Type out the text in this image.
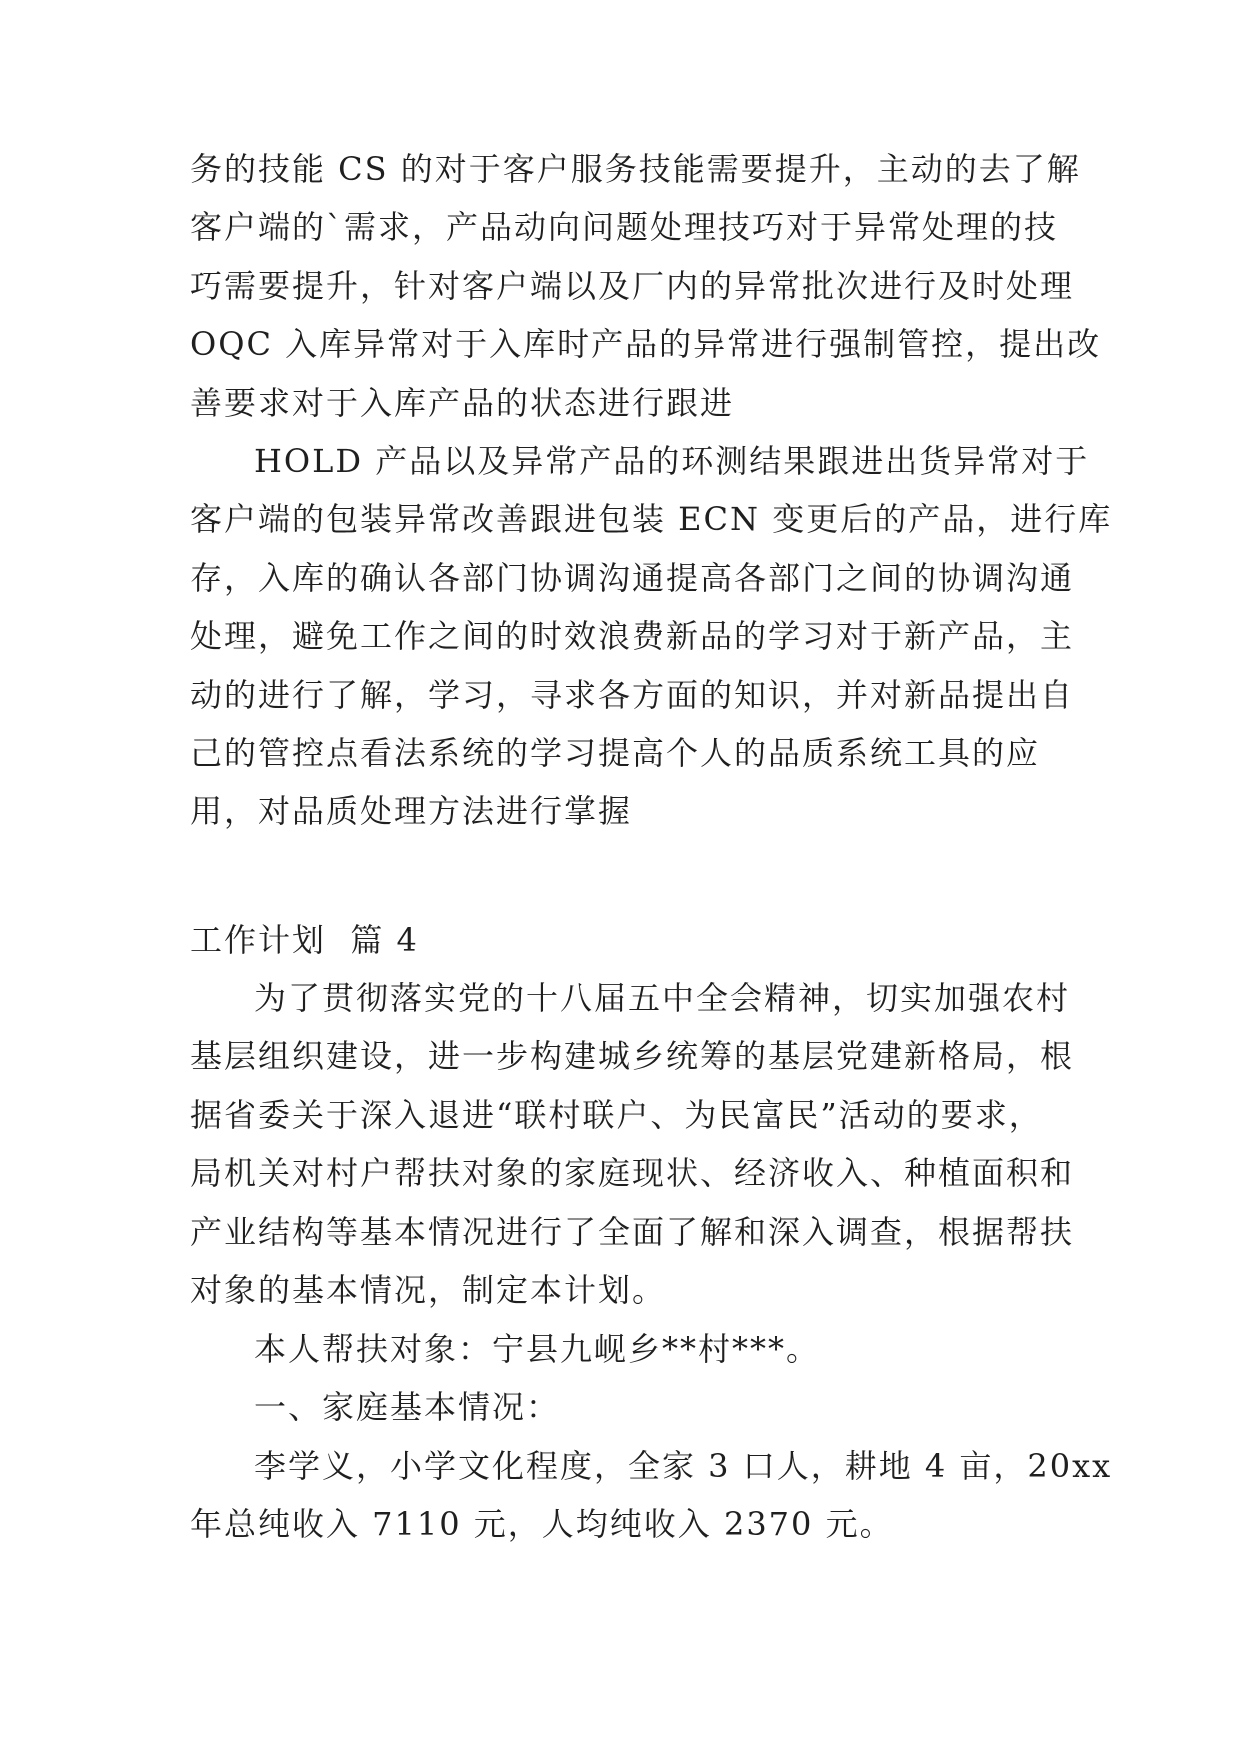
务的技能 CS 的对于客户服务技能需要提升，主动的去了解
客户端的`需求，产品动向问题处理技巧对于异常处理的技
巧需要提升，针对客户端以及厂内的异常批次进行及时处理
OQC 入库异常对于入库时产品的异常进行强制管控，提出改
善要求对于入库产品的状态进行跟进
HOLD 产品以及异常产品的环测结果跟进出货异常对于
客户端的包装异常改善跟进包装 ECN 变更后的产品，进行库
存，入库的确认各部门协调沟通提高各部门之间的协调沟通
处理，避免工作之间的时效浪费新品的学习对于新产品，主
动的进行了解，学习，寻求各方面的知识，并对新品提出自
己的管控点看法系统的学习提高个人的品质系统工具的应
用，对品质处理方法进行掌握
工作计划  篇 4
为了贯彻落实党的十八届五中全会精神，切实加强农村
基层组织建设，进一步构建城乡统筹的基层党建新格局，根
据省委关于深入退进“联村联户、为民富民”活动的要求，
局机关对村户帮扶对象的家庭现状、经济收入、种植面积和
产业结构等基本情况进行了全面了解和深入调查，根据帮扶
对象的基本情况，制定本计划。
本人帮扶对象：宁县九岘乡**村***。
一、家庭基本情况：
李学义，小学文化程度，全家 3 口人，耕地 4 亩，20xx
年总纯收入 7110 元，人均纯收入 2370 元。
